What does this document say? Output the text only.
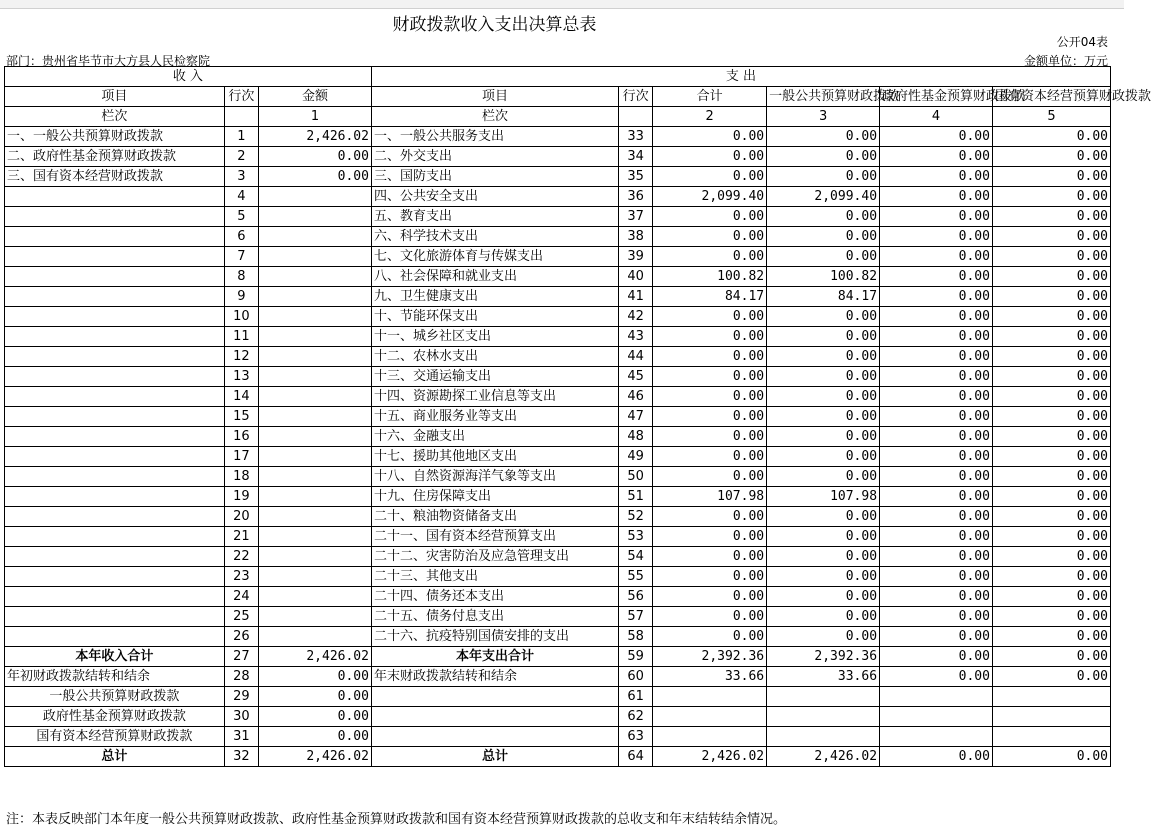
财政拨款收入支出决算总表
公开04表
部门：贵州省毕节市大方县人民检察院	金额单位：万元
收 入			支 出					
项目	行次	金额	项目	行次	合计	一般公共预算财政拨款	政府性基金预算财政拨款	国有资本经营预算财政拨款
栏次		1	栏次		2	3	4	5
一、一般公共预算财政拨款	1	2,426.02	一、一般公共服务支出	33	0.00	0.00	0.00	0.00
二、政府性基金预算财政拨款	2	0.00	二、外交支出	34	0.00	0.00	0.00	0.00
三、国有资本经营财政拨款	3	0.00	三、国防支出	35	0.00	0.00	0.00	0.00
	4		四、公共安全支出	36	2,099.40	2,099.40	0.00	0.00
	5		五、教育支出	37	0.00	0.00	0.00	0.00
	6		六、科学技术支出	38	0.00	0.00	0.00	0.00
	7		七、文化旅游体育与传媒支出	39	0.00	0.00	0.00	0.00
	8		八、社会保障和就业支出	40	100.82	100.82	0.00	0.00
	9		九、卫生健康支出	41	84.17	84.17	0.00	0.00
	10		十、节能环保支出	42	0.00	0.00	0.00	0.00
	11		十一、城乡社区支出	43	0.00	0.00	0.00	0.00
	12		十二、农林水支出	44	0.00	0.00	0.00	0.00
	13		十三、交通运输支出	45	0.00	0.00	0.00	0.00
	14		十四、资源勘探工业信息等支出	46	0.00	0.00	0.00	0.00
	15		十五、商业服务业等支出	47	0.00	0.00	0.00	0.00
	16		十六、金融支出	48	0.00	0.00	0.00	0.00
	17		十七、援助其他地区支出	49	0.00	0.00	0.00	0.00
	18		十八、自然资源海洋气象等支出	50	0.00	0.00	0.00	0.00
	19		十九、住房保障支出	51	107.98	107.98	0.00	0.00
	20		二十、粮油物资储备支出	52	0.00	0.00	0.00	0.00
	21		二十一、国有资本经营预算支出	53	0.00	0.00	0.00	0.00
	22		二十二、灾害防治及应急管理支出	54	0.00	0.00	0.00	0.00
	23		二十三、其他支出	55	0.00	0.00	0.00	0.00
	24		二十四、债务还本支出	56	0.00	0.00	0.00	0.00
	25		二十五、债务付息支出	57	0.00	0.00	0.00	0.00
	26		二十六、抗疫特别国债安排的支出	58	0.00	0.00	0.00	0.00
本年收入合计	27	2,426.02	本年支出合计	59	2,392.36	2,392.36	0.00	0.00
年初财政拨款结转和结余	28	0.00	年末财政拨款结转和结余	60	33.66	33.66	0.00	0.00
一般公共预算财政拨款	29	0.00		61				
政府性基金预算财政拨款	30	0.00		62				
国有资本经营预算财政拨款	31	0.00		63				
总计	32	2,426.02	总计	64	2,426.02	2,426.02	0.00	0.00
注：本表反映部门本年度一般公共预算财政拨款、政府性基金预算财政拨款和国有资本经营预算财政拨款的总收支和年末结转结余情况。
